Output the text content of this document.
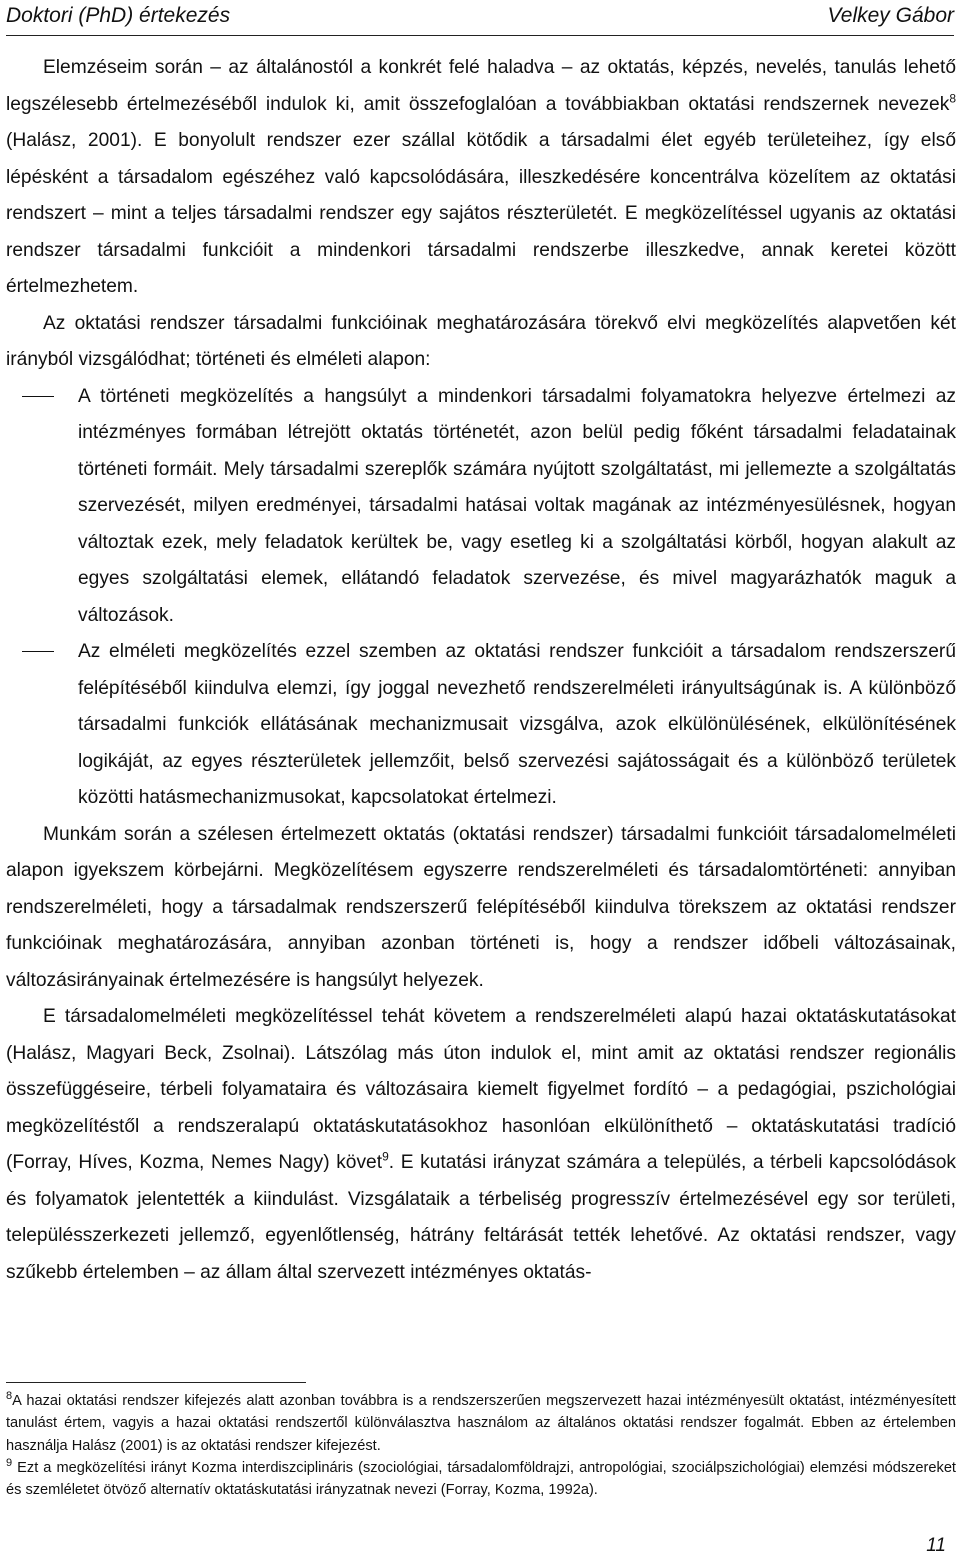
Doktori (PhD) értekezés	Velkey Gábor

Elemzéseim során – az általánostól a konkrét felé haladva – az oktatás, képzés, nevelés, tanulás lehető legszélesebb értelmezéséből indulok ki, amit összefoglalóan a továbbiakban oktatási rendszernek nevezek$^8$ (Halász, 2001). E bonyolult rendszer ezer szállal kötődik a társadalmi élet egyéb területeihez, így első lépésként a társadalom egészéhez való kapcsolódására, illeszkedésére koncentrálva közelítem az oktatási rendszert – mint a teljes társadalmi rendszer egy sajátos részterületét. E megközelítéssel ugyanis az oktatási rendszer társadalmi funkcióit a mindenkori társadalmi rendszerbe illeszkedve, annak keretei között értelmezhetem.

Az oktatási rendszer társadalmi funkcióinak meghatározására törekvő elvi megközelítés alapvetően két irányból vizsgálódhat; történeti és elméleti alapon:

A történeti megközelítés a hangsúlyt a mindenkori társadalmi folyamatokra helyezve értelmezi az intézményes formában létrejött oktatás történetét, azon belül pedig főként társadalmi feladatainak történeti formáit. Mely társadalmi szereplők számára nyújtott szolgáltatást, mi jellemezte a szolgáltatás szervezését, milyen eredményei, társadalmi hatásai voltak magának az intézményesülésnek, hogyan változtak ezek, mely feladatok kerültek be, vagy esetleg ki a szolgáltatási körből, hogyan alakult az egyes szolgáltatási elemek, ellátandó feladatok szervezése, és mivel magyarázhatók maguk a változások.
Az elméleti megközelítés ezzel szemben az oktatási rendszer funkcióit a társadalom rendszerszerű felépítéséből kiindulva elemzi, így joggal nevezhető rendszerelméleti irányultságúnak is. A különböző társadalmi funkciók ellátásának mechanizmusait vizsgálva, azok elkülönülésének, elkülönítésének logikáját, az egyes részterületek jellemzőit, belső szervezési sajátosságait és a különböző területek közötti hatásmechanizmusokat, kapcsolatokat értelmezi.

Munkám során a szélesen értelmezett oktatás (oktatási rendszer) társadalmi funkcióit társadalomelméleti alapon igyekszem körbejárni. Megközelítésem egyszerre rendszerelméleti és társadalomtörténeti: annyiban rendszerelméleti, hogy a társadalmak rendszerszerű felépítéséből kiindulva törekszem az oktatási rendszer funkcióinak meghatározására, annyiban azonban történeti is, hogy a rendszer időbeli változásainak, változásirányainak értelmezésére is hangsúlyt helyezek.

E társadalomelméleti megközelítéssel tehát követem a rendszerelméleti alapú hazai oktatáskutatásokat (Halász, Magyari Beck, Zsolnai). Látszólag más úton indulok el, mint amit az oktatási rendszer regionális összefüggéseire, térbeli folyamataira és változásaira kiemelt figyelmet fordító – a pedagógiai, pszichológiai megközelítéstől a rendszeralapú oktatáskutatásokhoz hasonlóan elkülöníthető – oktatáskutatási tradíció (Forray, Híves, Kozma, Nemes Nagy) követ$^9$. E kutatási irányzat számára a település, a térbeli kapcsolódások és folyamatok jelentették a kiindulást. Vizsgálataik a térbeliség progresszív értelmezésével egy sor területi, településszerkezeti jellemző, egyenlőtlenség, hátrány feltárását tették lehetővé. Az oktatási rendszer, vagy szűkebb értelemben – az állam által szervezett intézményes oktatás-

$^8$A hazai oktatási rendszer kifejezés alatt azonban továbbra is a rendszerszerűen megszervezett hazai intézményesült oktatást, intézményesített tanulást értem, vagyis a hazai oktatási rendszertől különválasztva használom az általános oktatási rendszer fogalmát. Ebben az értelemben használja Halász (2001) is az oktatási rendszer kifejezést.

$^9$ Ezt a megközelítési irányt Kozma interdiszciplináris (szociológiai, társadalomföldrajzi, antropológiai, szociálpszichológiai) elemzési módszereket és szemléletet ötvöző alternatív oktatáskutatási irányzatnak nevezi (Forray, Kozma, 1992a).

11
